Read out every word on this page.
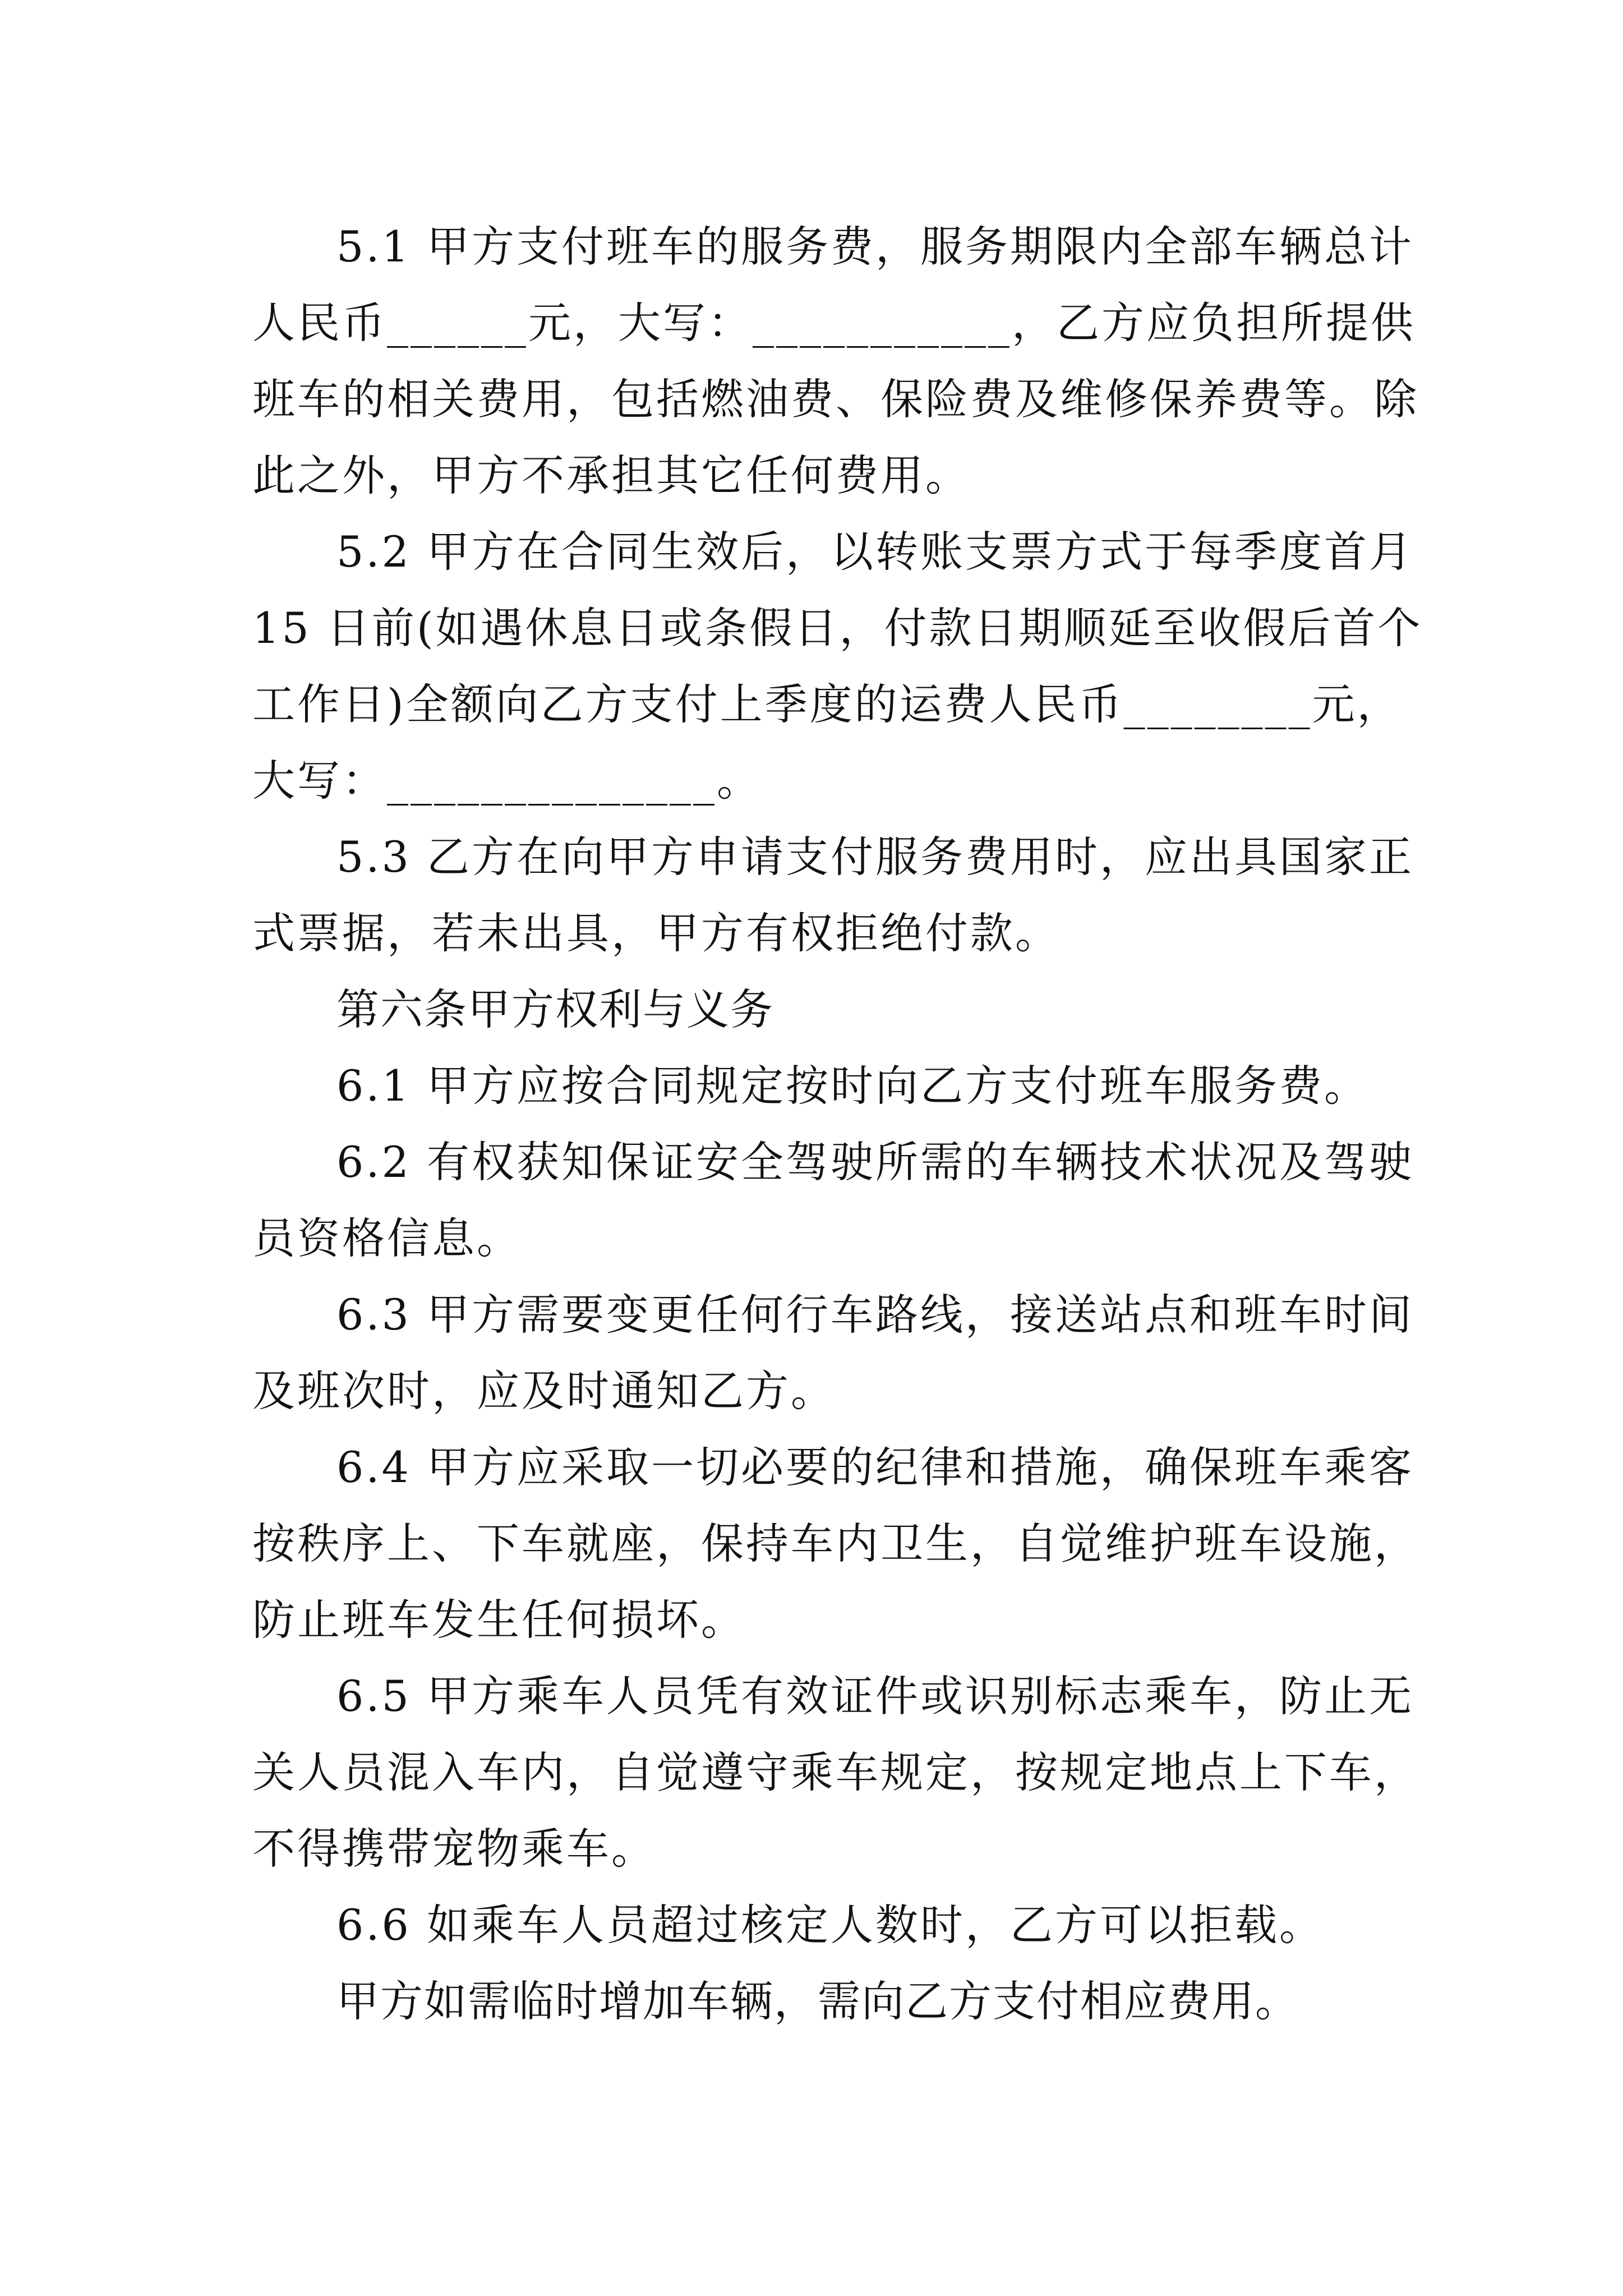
5.1 甲方支付班车的服务费，服务期限内全部车辆总计
人民币______元，大写：___________，乙方应负担所提供
班车的相关费用，包括燃油费、保险费及维修保养费等。除
此之外，甲方不承担其它任何费用。
5.2 甲方在合同生效后，以转账支票方式于每季度首月
15 日前(如遇休息日或条假日，付款日期顺延至收假后首个
工作日)全额向乙方支付上季度的运费人民币________元，
大写：______________。
5.3 乙方在向甲方申请支付服务费用时，应出具国家正
式票据，若未出具，甲方有权拒绝付款。
第六条甲方权利与义务
6.1 甲方应按合同规定按时向乙方支付班车服务费。
6.2 有权获知保证安全驾驶所需的车辆技术状况及驾驶
员资格信息。
6.3 甲方需要变更任何行车路线，接送站点和班车时间
及班次时，应及时通知乙方。
6.4 甲方应采取一切必要的纪律和措施，确保班车乘客
按秩序上、下车就座，保持车内卫生，自觉维护班车设施，
防止班车发生任何损坏。
6.5 甲方乘车人员凭有效证件或识别标志乘车，防止无
关人员混入车内，自觉遵守乘车规定，按规定地点上下车，
不得携带宠物乘车。
6.6 如乘车人员超过核定人数时，乙方可以拒载。
甲方如需临时增加车辆，需向乙方支付相应费用。
